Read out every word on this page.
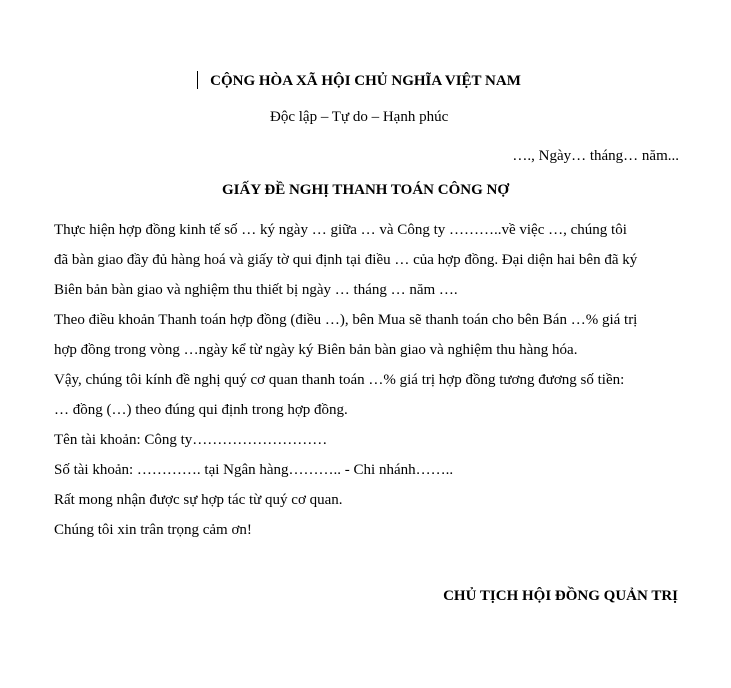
CỘNG HÒA XÃ HỘI CHỦ NGHĨA VIỆT NAM
Độc lập – Tự do – Hạnh phúc
…., Ngày… tháng… năm...
GIẤY ĐỀ NGHỊ THANH TOÁN CÔNG NỢ
Thực hiện hợp đồng kinh tế số … ký ngày … giữa … và Công ty ………..về việc …, chúng tôi
đã bàn giao đầy đủ hàng hoá và giấy tờ qui định tại điều … của hợp đồng. Đại diện hai bên đã ký
Biên bản bàn giao và nghiệm thu thiết bị ngày … tháng … năm ….
Theo điều khoản Thanh toán hợp đồng (điều …), bên Mua sẽ thanh toán cho bên Bán …% giá trị
hợp đồng trong vòng …ngày kể từ ngày ký Biên bản bàn giao và nghiệm thu hàng hóa.
Vậy, chúng tôi kính đề nghị quý cơ quan thanh toán …% giá trị hợp đồng tương đương số tiền:
… đồng (…) theo đúng qui định trong hợp đồng.
Tên tài khoản: Công ty………………………
Số tài khoản: …………. tại Ngân hàng……….. - Chi nhánh……..
Rất mong nhận được sự hợp tác từ quý cơ quan.
Chúng tôi xin trân trọng cảm ơn!
CHỦ TỊCH HỘI ĐỒNG QUẢN TRỊ
